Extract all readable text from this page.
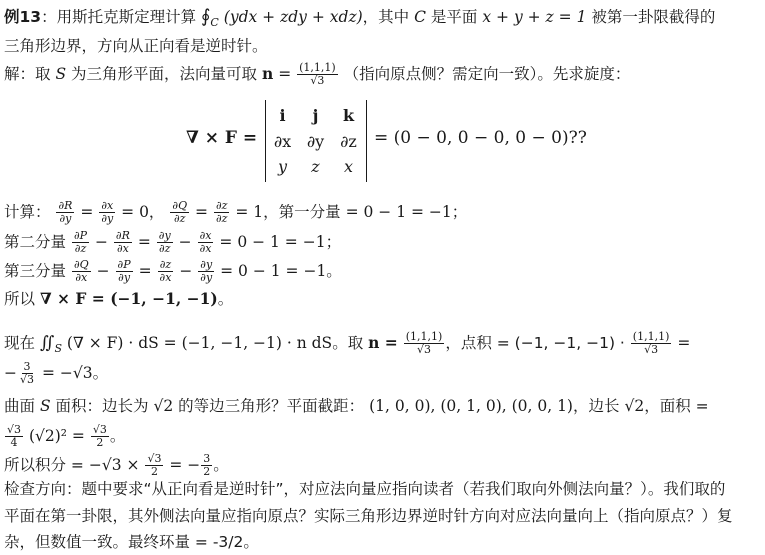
例13：用斯托克斯定理计算 $∮_C$ (ydx + zdy + xdz)，其中 C 是平面 x + y + z = 1 被第一卦限截得的
三角形边界，方向从正向看是逆时针。
解：取 S 为三角形平面，法向量可取 $n = \frac{(1,1,1)}{√3}$ （指向原点侧？需定向一致）。先求旋度：
∇ × F =
i	j	k
∂x ∂y ∂z
y	z	x
= (0 − 0, 0 − 0, 0 − 0)??
计算： $\frac{\partial R}{\partial y} = \frac{\partial x}{\partial y} = 0$， $\frac{\partial Q}{\partial z} = \frac{\partial z}{\partial z} = 1$，第一分量 = 0 − 1 = −1；
第二分量 $\frac{\partial P}{\partial z} - \frac{\partial R}{\partial x} = \frac{\partial y}{\partial z} - \frac{\partial x}{\partial x} = 0 - 1 = -1$；
第三分量 $\frac{\partial Q}{\partial x} - \frac{\partial P}{\partial y} = \frac{\partial z}{\partial x} - \frac{\partial y}{\partial y} = 0 - 1 = -1$。
所以 ∇ × F = (−1, −1, −1)。
现在 $∬_S$ (∇ × F) · dS = (−1, −1, −1) · n dS。取 $n = \frac{(1,1,1)}{√3}$ ，点积 = (−1, −1, $-1) \cdot \frac{(1,1,1)}{√3}$ =
− $\frac{3}{√3} = -√3$。
曲面 S 面积：边长为 √2 的等边三角形？平面截距： (1, 0, 0), (0, 1, 0), (0, 0, 1)，边长 √2，面积 =
$\frac{√3}{4} (√2)^2 = \frac{√3}{2}$ 。
所以积分 = $-√3 \times \frac{√3}{2}$ = − $\frac{3}{2}$ 。
检查方向：题中要求“从正向看是逆时针”，对应法向量应指向读者（若我们取向外侧法向量？）。我们取的
平面在第一卦限，其外侧法向量应指向原点？实际三角形边界逆时针方向对应法向量向上（指向原点？）复
杂，但数值一致。最终环量 = -3/2。
